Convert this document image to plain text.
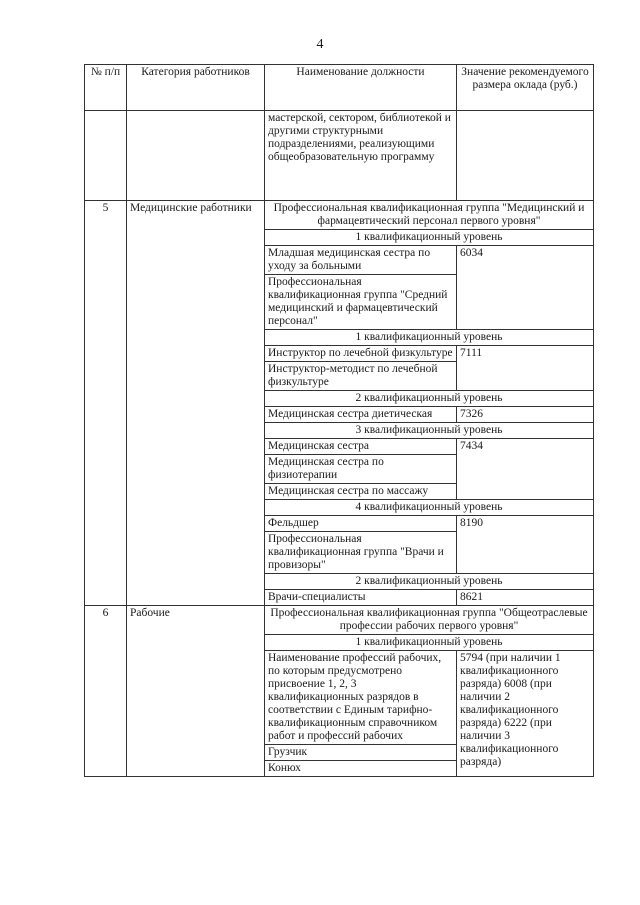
4
№ п/п	Категория работников	Наименование должности	Значение рекомендуемого размера оклада (руб.)
		мастерской, сектором, библиотекой и другими структурными подразделениями, реализующими общеобразовательную программу	
5	Медицинские работники	Профессиональная квалификационная группа "Медицинский и фармацевтический персонал первого уровня"	
		1 квалификационный уровень	
		Младшая медицинская сестра по уходу за больными	6034
		Профессиональная квалификационная группа "Средний медицинский и фармацевтический персонал"	
		1 квалификационный уровень	
		Инструктор по лечебной физкультуре	7111
		Инструктор-методист по лечебной физкультуре	
		2 квалификационный уровень	
		Медицинская сестра диетическая	7326
		3 квалификационный уровень	
		Медицинская сестра	7434
		Медицинская сестра по физиотерапии	
		Медицинская сестра по массажу	
		4 квалификационный уровень	
		Фельдшер	8190
		Профессиональная квалификационная группа "Врачи и провизоры"	
		2 квалификационный уровень	
		Врачи-специалисты	8621
6	Рабочие	Профессиональная квалификационная группа "Общеотраслевые профессии рабочих первого уровня"	
		1 квалификационный уровень	
		Наименование профессий рабочих, по которым предусмотрено присвоение 1, 2, 3 квалификационных разрядов в соответствии с Единым тарифно-квалификационным справочником работ и профессий рабочих	5794 (при наличии 1 квалификационного разряда) 6008 (при наличии 2 квалификационного разряда) 6222 (при наличии 3 квалификационного разряда)
		Грузчик	
		Конюх	
